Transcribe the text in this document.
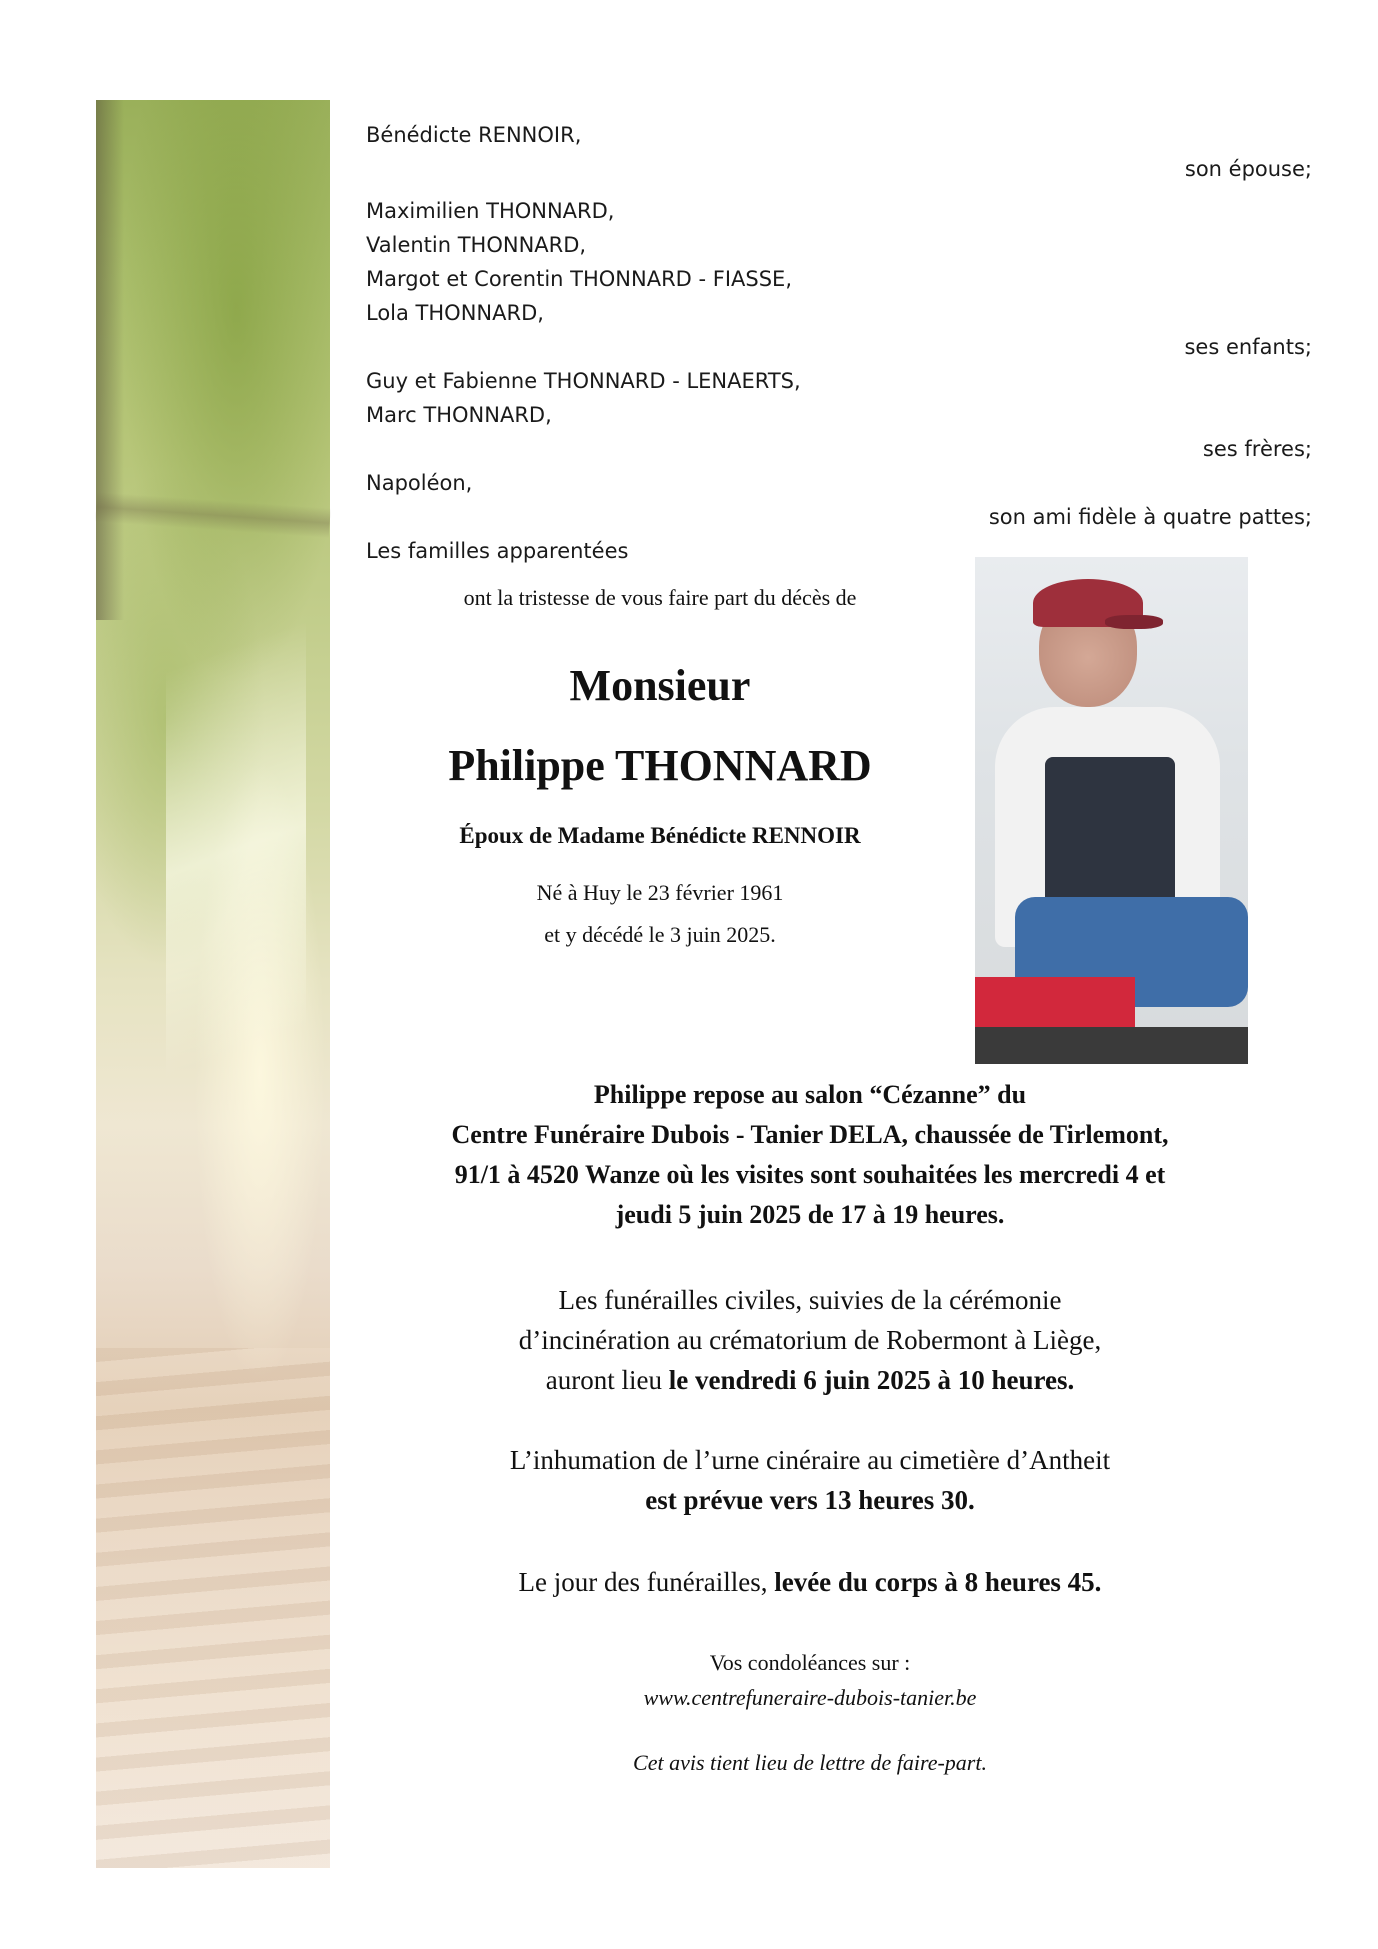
Bénédicte RENNOIR,
son épouse;
Maximilien THONNARD,
Valentin THONNARD,
Margot et Corentin THONNARD - FIASSE,
Lola THONNARD,
ses enfants;
Guy et Fabienne THONNARD - LENAERTS,
Marc THONNARD,
ses frères;
Napoléon,
son ami fidèle à quatre pattes;
Les familles apparentées
ont la tristesse de vous faire part du décès de
Monsieur
Philippe THONNARD
Époux de Madame Bénédicte RENNOIR
Né à Huy le 23 février 1961
et y décédé le 3 juin 2025.
Philippe repose au salon “Cézanne” du
Centre Funéraire Dubois - Tanier DELA, chaussée de Tirlemont,
91/1 à 4520 Wanze où les visites sont souhaitées les mercredi 4 et
jeudi 5 juin 2025 de 17 à 19 heures.
Les funérailles civiles, suivies de la cérémonie
d’incinération au crématorium de Robermont à Liège,
auront lieu le vendredi 6 juin 2025 à 10 heures.
L’inhumation de l’urne cinéraire au cimetière d’Antheit
est prévue vers 13 heures 30.
Le jour des funérailles, levée du corps à 8 heures 45.
Vos condoléances sur :
www.centrefuneraire-dubois-tanier.be
Cet avis tient lieu de lettre de faire-part.
